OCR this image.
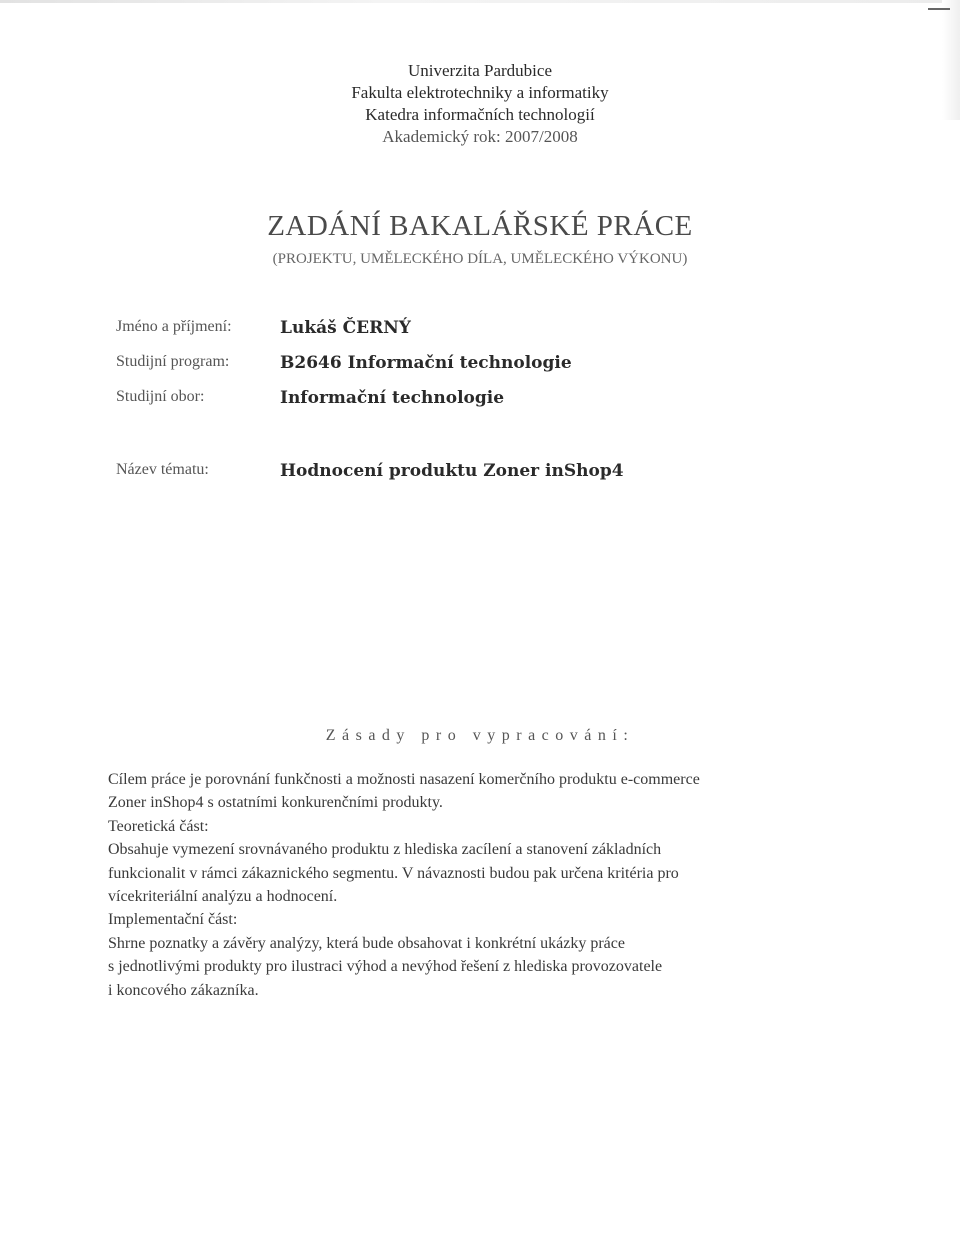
Univerzita Pardubice
Fakulta elektrotechniky a informatiky
Katedra informačních technologií
Akademický rok: 2007/2008
ZADÁNÍ BAKALÁŘSKÉ PRÁCE
(PROJEKTU, UMĚLECKÉHO DÍLA, UMĚLECKÉHO VÝKONU)
Jméno a příjmení:	Lukáš ČERNÝ
Studijní program:	B2646 Informační technologie
Studijní obor:	Informační technologie
Název tématu:	Hodnocení produktu Zoner inShop4
Zásady pro vypracování:
Cílem práce je porovnání funkčnosti a možnosti nasazení komerčního produktu e-commerce
Zoner inShop4 s ostatními konkurenčními produkty.
Teoretická část:
Obsahuje vymezení srovnávaného produktu z hlediska zacílení a stanovení základních
funkcionalit v rámci zákaznického segmentu. V návaznosti budou pak určena kritéria pro
vícekriteriální analýzu a hodnocení.
Implementační část:
Shrne poznatky a závěry analýzy, která bude obsahovat i konkrétní ukázky práce
s jednotlivými produkty pro ilustraci výhod a nevýhod řešení z hlediska provozovatele
i koncového zákazníka.
